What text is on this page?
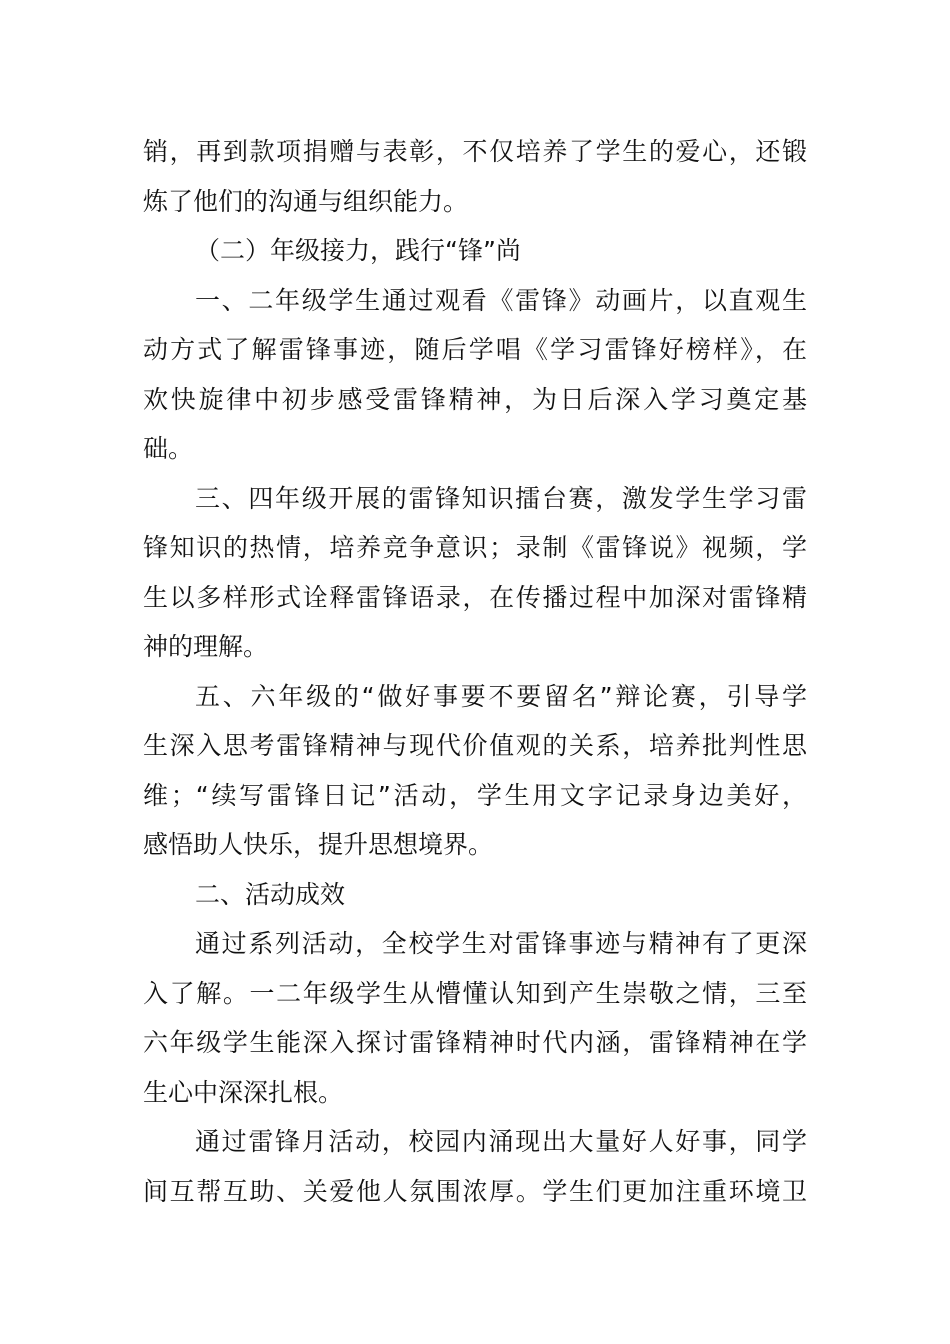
销，再到款项捐赠与表彰，不仅培养了学生的爱心，还锻
炼了他们的沟通与组织能力。
（二）年级接力，践行“锋”尚
一、二年级学生通过观看《雷锋》动画片，以直观生
动方式了解雷锋事迹，随后学唱《学习雷锋好榜样》，在
欢快旋律中初步感受雷锋精神，为日后深入学习奠定基
础。
三、四年级开展的雷锋知识擂台赛，激发学生学习雷
锋知识的热情，培养竞争意识；录制《雷锋说》视频，学
生以多样形式诠释雷锋语录，在传播过程中加深对雷锋精
神的理解。
五、六年级的“做好事要不要留名”辩论赛，引导学
生深入思考雷锋精神与现代价值观的关系，培养批判性思
维；“续写雷锋日记”活动，学生用文字记录身边美好，
感悟助人快乐，提升思想境界。
二、活动成效
通过系列活动，全校学生对雷锋事迹与精神有了更深
入了解。一二年级学生从懵懂认知到产生崇敬之情，三至
六年级学生能深入探讨雷锋精神时代内涵，雷锋精神在学
生心中深深扎根。
通过雷锋月活动，校园内涌现出大量好人好事，同学
间互帮互助、关爱他人氛围浓厚。学生们更加注重环境卫
